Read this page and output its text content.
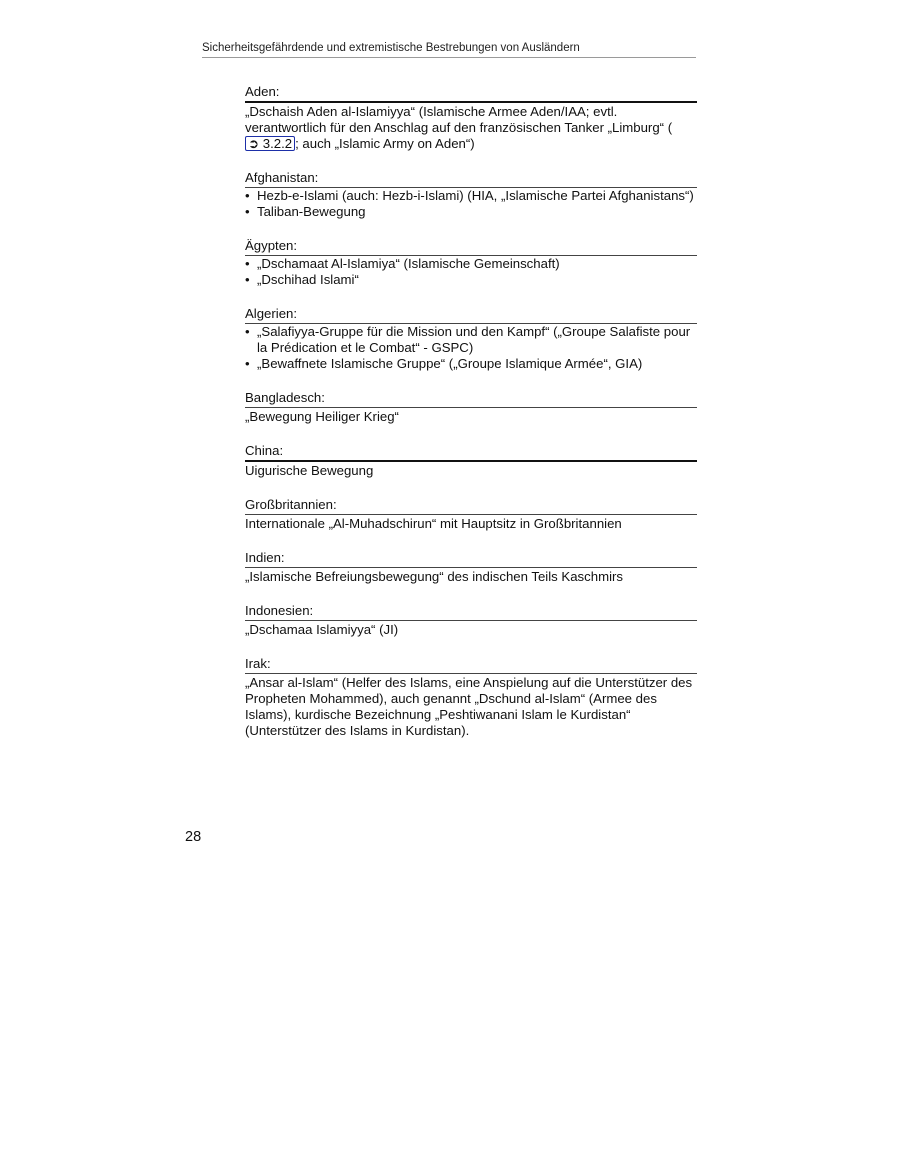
Sicherheitsgefährdende und extremistische Bestrebungen von Ausländern
Aden:
„Dschaish Aden al-Islamiyya“ (Islamische Armee Aden/IAA; evtl. verantwortlich für den Anschlag auf den französischen Tanker „Limburg“ (➲ 3.2.2 ; auch „Islamic Army on Aden“)
Afghanistan:
• Hezb-e-Islami (auch: Hezb-i-Islami) (HIA, „Islamische Partei Afghanistans“)
• Taliban-Bewegung
Ägypten:
• „Dschamaat Al-Islamiya“ (Islamische Gemeinschaft)
• „Dschihad Islami“
Algerien:
• „Salafiyya-Gruppe für die Mission und den Kampf“ („Groupe Salafiste pour la Prédication et le Combat“ - GSPC)
• „Bewaffnete Islamische Gruppe“ („Groupe Islamique Armée“, GIA)
Bangladesch:
„Bewegung Heiliger Krieg“
China:
Uigurische Bewegung
Großbritannien:
Internationale „Al-Muhadschirun“ mit Hauptsitz in Großbritannien
Indien:
„Islamische Befreiungsbewegung“ des indischen Teils Kaschmirs
Indonesien:
„Dschamaa Islamiyya“ (JI)
Irak:
„Ansar al-Islam“ (Helfer des Islams, eine Anspielung auf die Unterstützer des Propheten Mohammed), auch genannt „Dschund al-Islam“ (Armee des Islams), kurdische Bezeichnung „Peshtiwanani Islam le Kurdistan“ (Unterstützer des Islams in Kurdistan).
28
